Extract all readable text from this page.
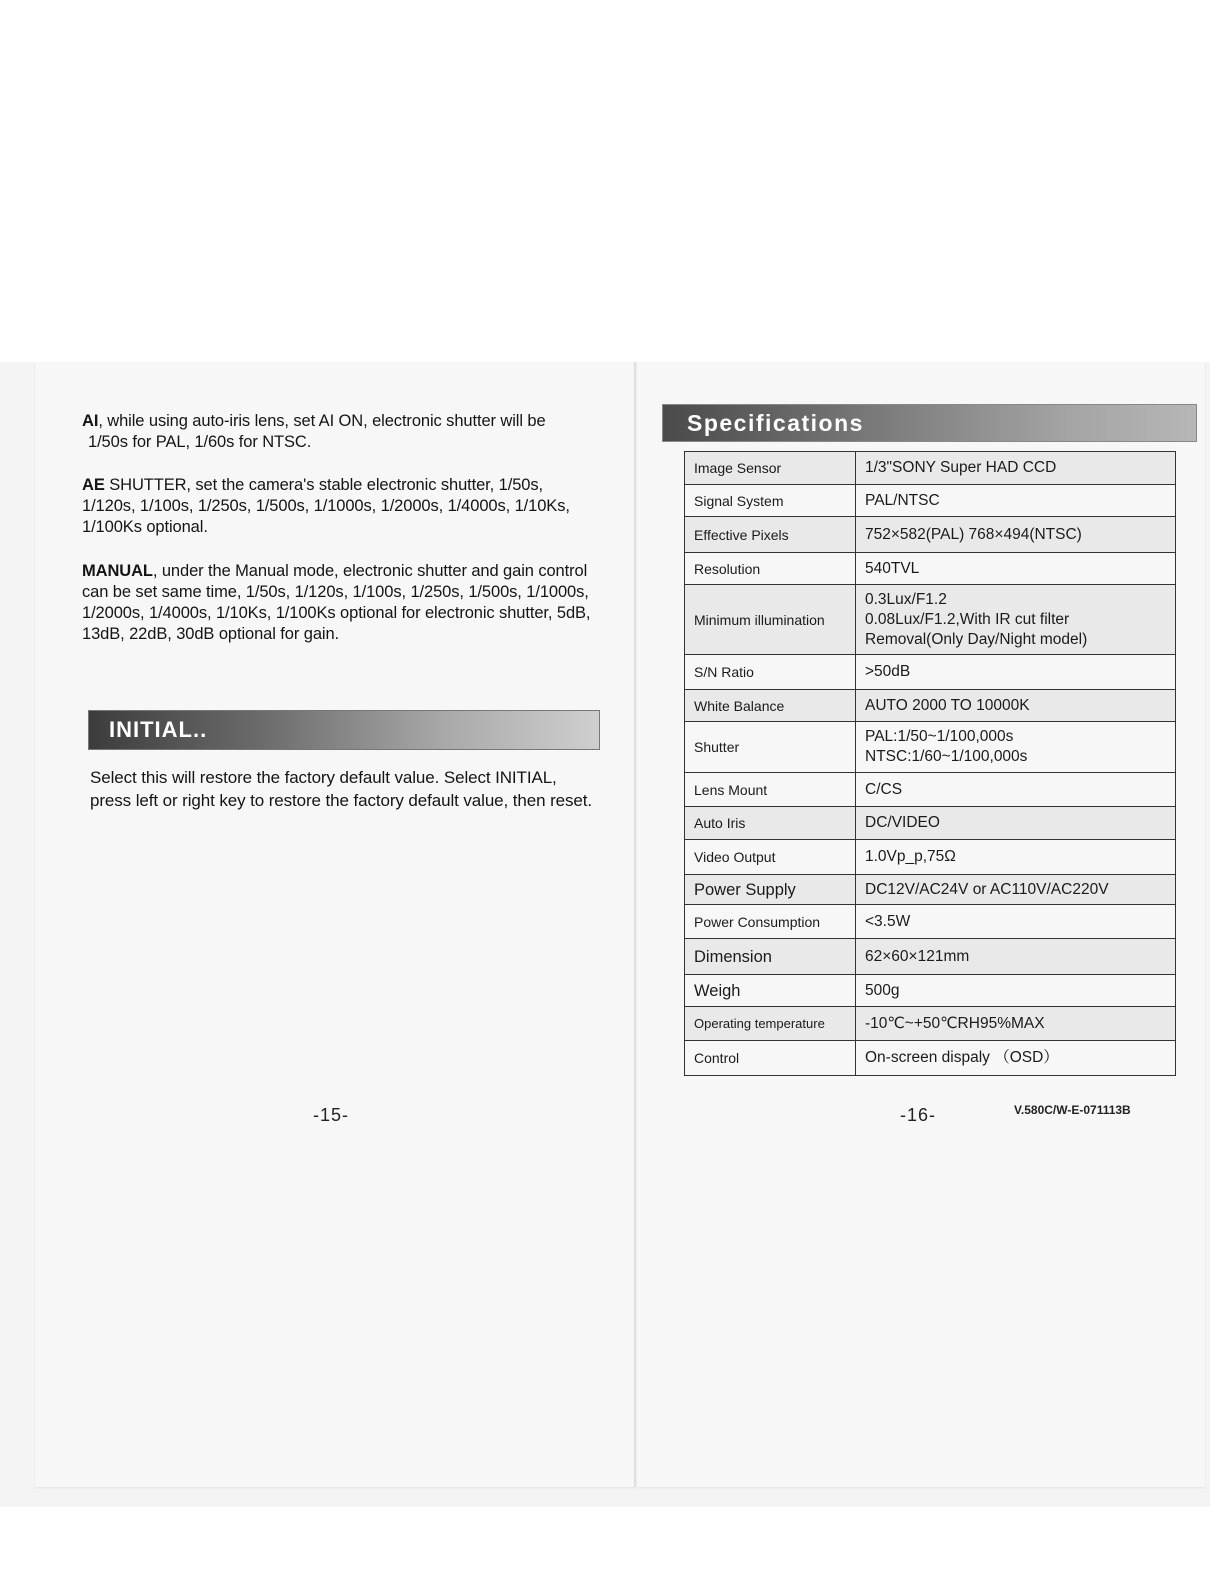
AI, while using auto-iris lens, set AI ON, electronic shutter will be
1/50s for PAL, 1/60s for NTSC.

AE SHUTTER, set the camera's stable electronic shutter, 1/50s,
1/120s, 1/100s, 1/250s, 1/500s, 1/1000s, 1/2000s, 1/4000s, 1/10Ks,
1/100Ks optional.

MANUAL, under the Manual mode, electronic shutter and gain control
can be set same time, 1/50s, 1/120s, 1/100s, 1/250s, 1/500s, 1/1000s,
1/2000s, 1/4000s, 1/10Ks, 1/100Ks optional for electronic shutter, 5dB,
13dB, 22dB, 30dB optional for gain.

INITIAL..

Select this will restore the factory default value. Select INITIAL,
press left or right key to restore the factory default value, then reset.

-15-
Specifications
Image Sensor	1/3"SONY Super HAD CCD
Signal System	PAL/NTSC
Effective Pixels	752×582(PAL) 768×494(NTSC)
Resolution	540TVL
Minimum illumination	0.3Lux/F1.2
0.08Lux/F1.2,With IR cut filter
Removal(Only Day/Night model)

S/N Ratio	>50dB
White Balance	AUTO 2000 TO 10000K
Shutter	PAL:1/50~1/100,000s
NTSC:1/60~1/100,000s

Lens Mount	C/CS
Auto Iris	DC/VIDEO
Video Output	1.0Vp_p,75Ω
Power Supply	DC12V/AC24V or AC110V/AC220V
Power Consumption	<3.5W
Dimension	62×60×121mm
Weigh	500g
Operating temperature	-10℃~+50℃RH95%MAX
Control	On-screen dispaly （OSD）
-16-	V.580C/W-E-071113B
